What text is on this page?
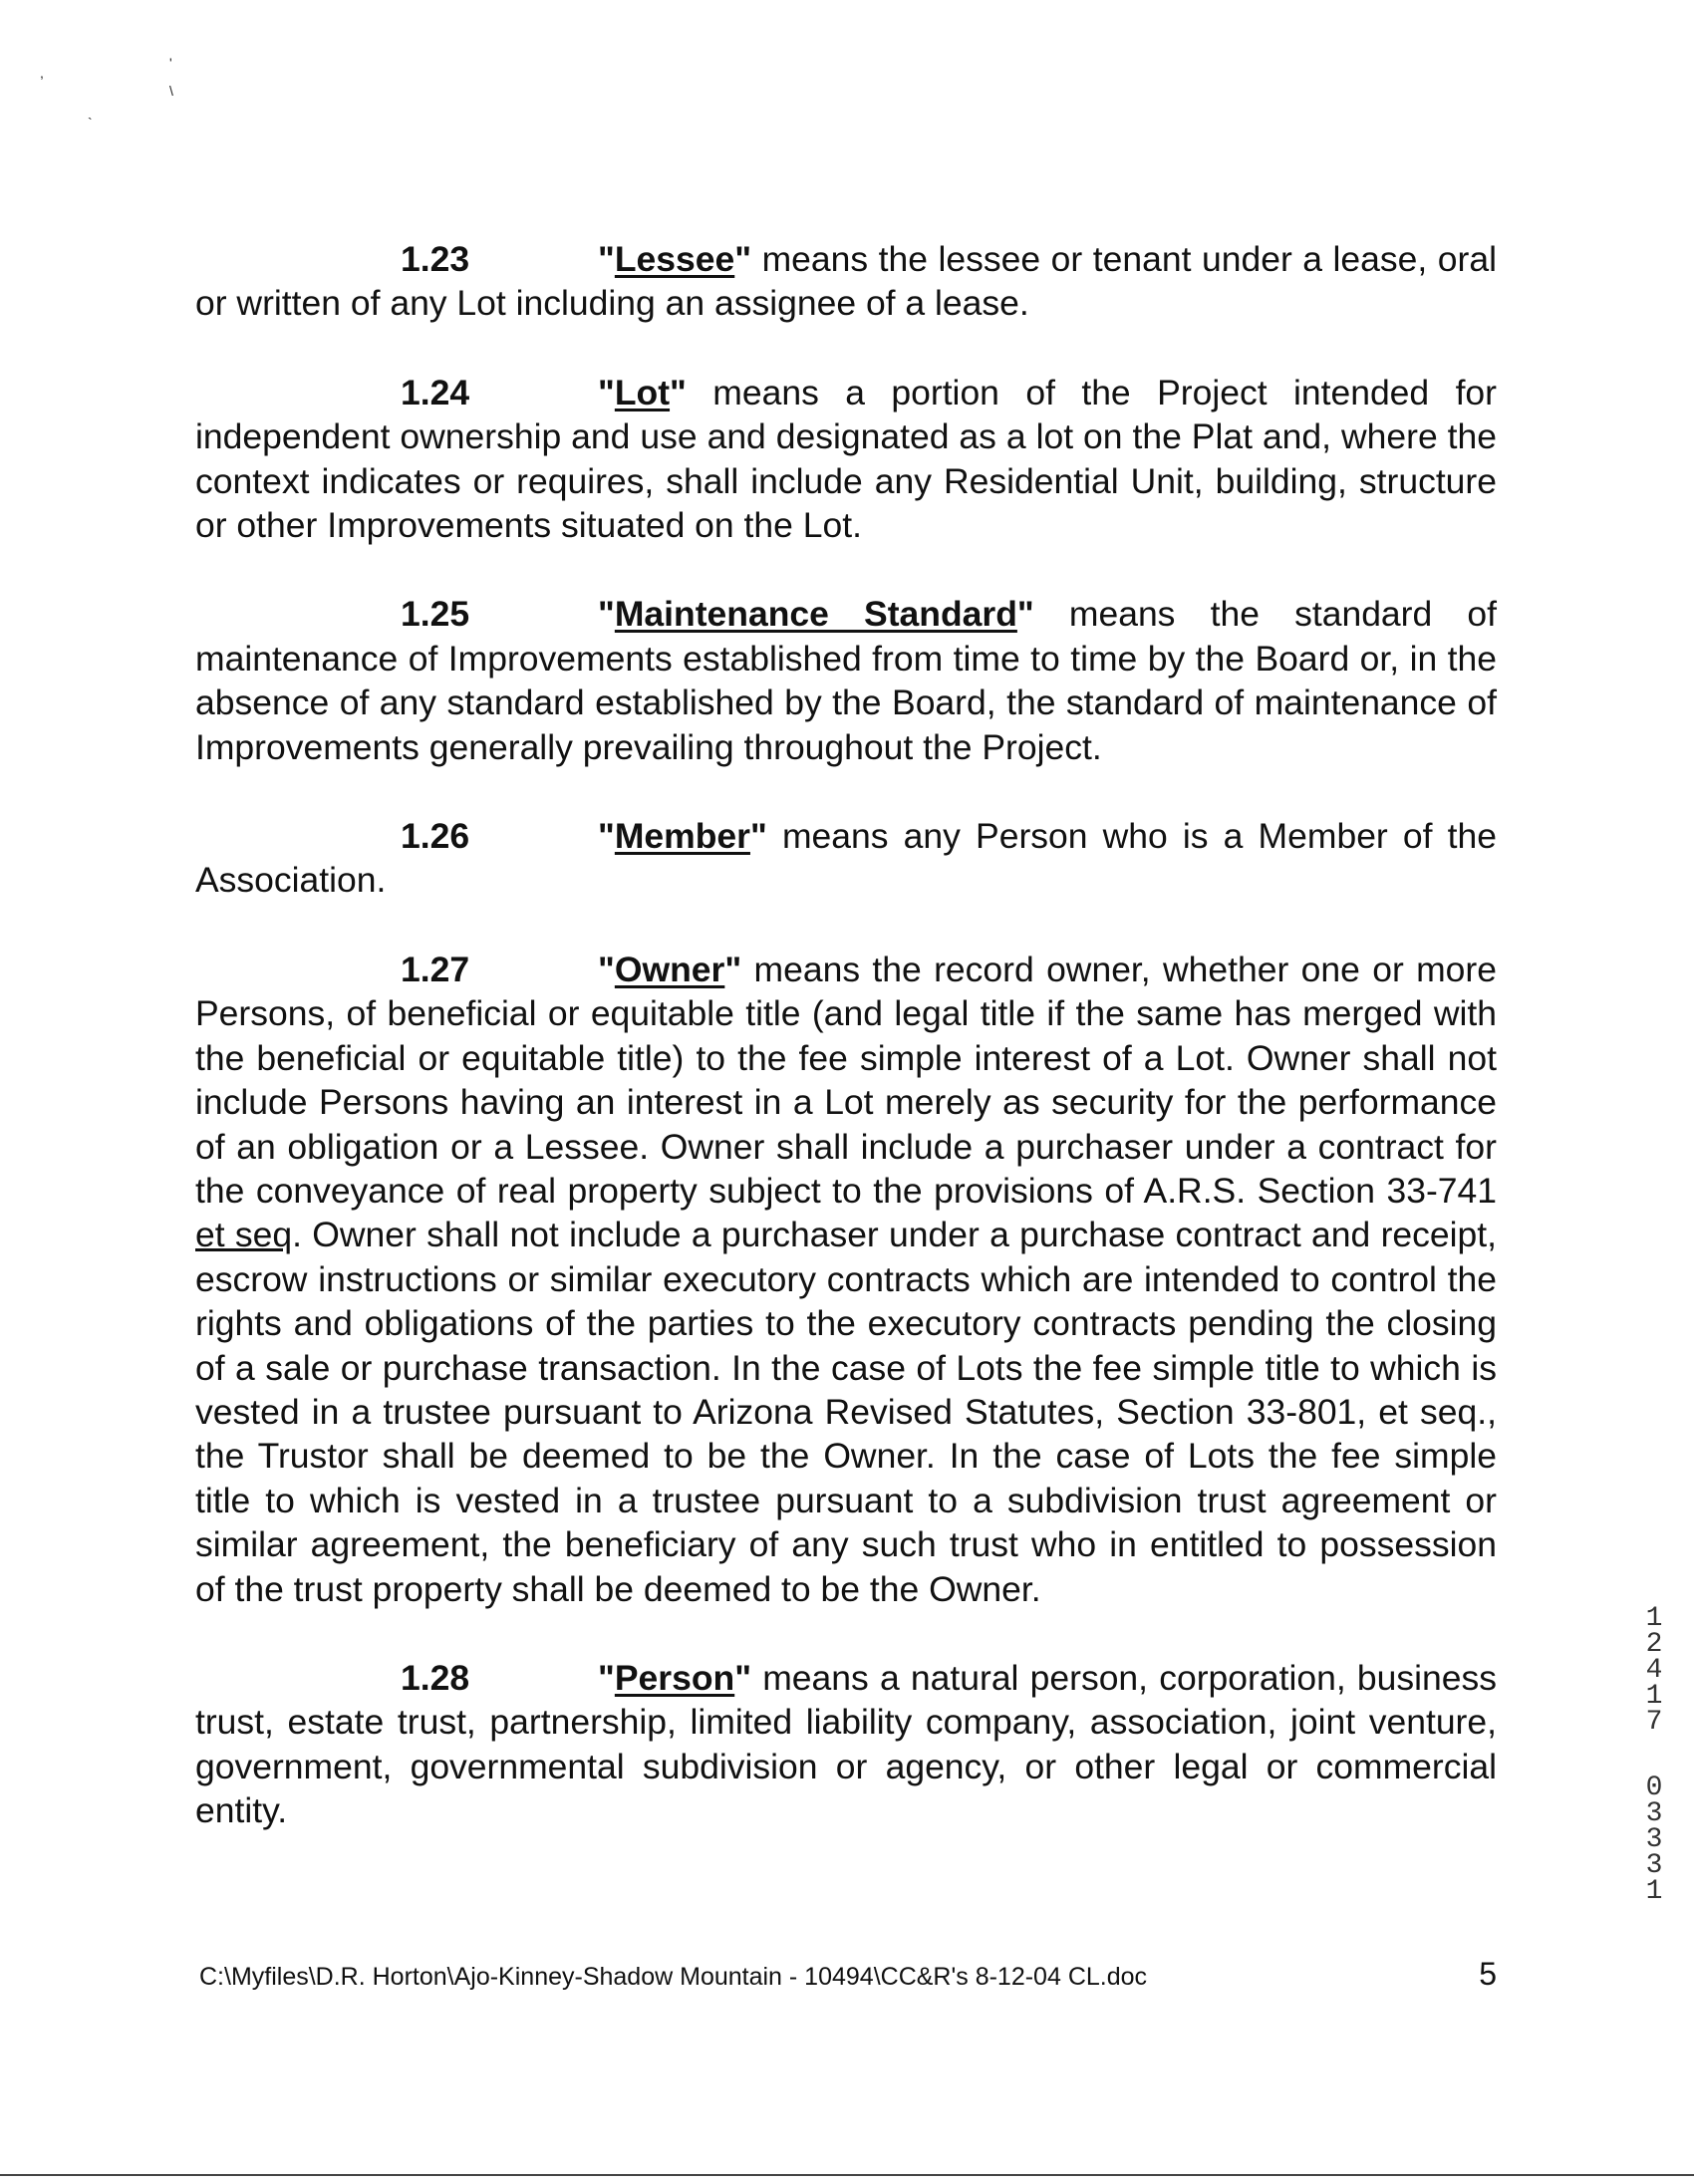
,
'
\
`

1.23	"Lessee" means the lessee or tenant under a lease, oral or written of any Lot including an assignee of a lease.

1.24	"Lot" means a portion of the Project intended for independent ownership and use and designated as a lot on the Plat and, where the context indicates or requires, shall include any Residential Unit, building, structure or other Improvements situated on the Lot.

1.25	"Maintenance Standard" means the standard of maintenance of Improvements established from time to time by the Board or, in the absence of any standard established by the Board, the standard of maintenance of Improvements generally prevailing throughout the Project.

1.26	"Member" means any Person who is a Member of the Association.

1.27	"Owner" means the record owner, whether one or more Persons, of beneficial or equitable title (and legal title if the same has merged with the beneficial or equitable title) to the fee simple interest of a Lot. Owner shall not include Persons having an interest in a Lot merely as security for the performance of an obligation or a Lessee. Owner shall include a purchaser under a contract for the conveyance of real property subject to the provisions of A.R.S. Section 33-741 et seq. Owner shall not include a purchaser under a purchase contract and receipt, escrow instructions or similar executory contracts which are intended to control the rights and obligations of the parties to the executory contracts pending the closing of a sale or purchase transaction. In the case of Lots the fee simple title to which is vested in a trustee pursuant to Arizona Revised Statutes, Section 33-801, et seq., the Trustor shall be deemed to be the Owner. In the case of Lots the fee simple title to which is vested in a trustee pursuant to a subdivision trust agreement or similar agreement, the beneficiary of any such trust who in entitled to possession of the trust property shall be deemed to be the Owner.

1.28	"Person" means a natural person, corporation, business trust, estate trust, partnership, limited liability company, association, joint venture, government, governmental subdivision or agency, or other legal or commercial entity.

1
2
4
1
7
0
3
3
3
1
C:\Myfiles\D.R. Horton\Ajo-Kinney-Shadow Mountain - 10494\CC&R's 8-12-04 CL.doc	5
